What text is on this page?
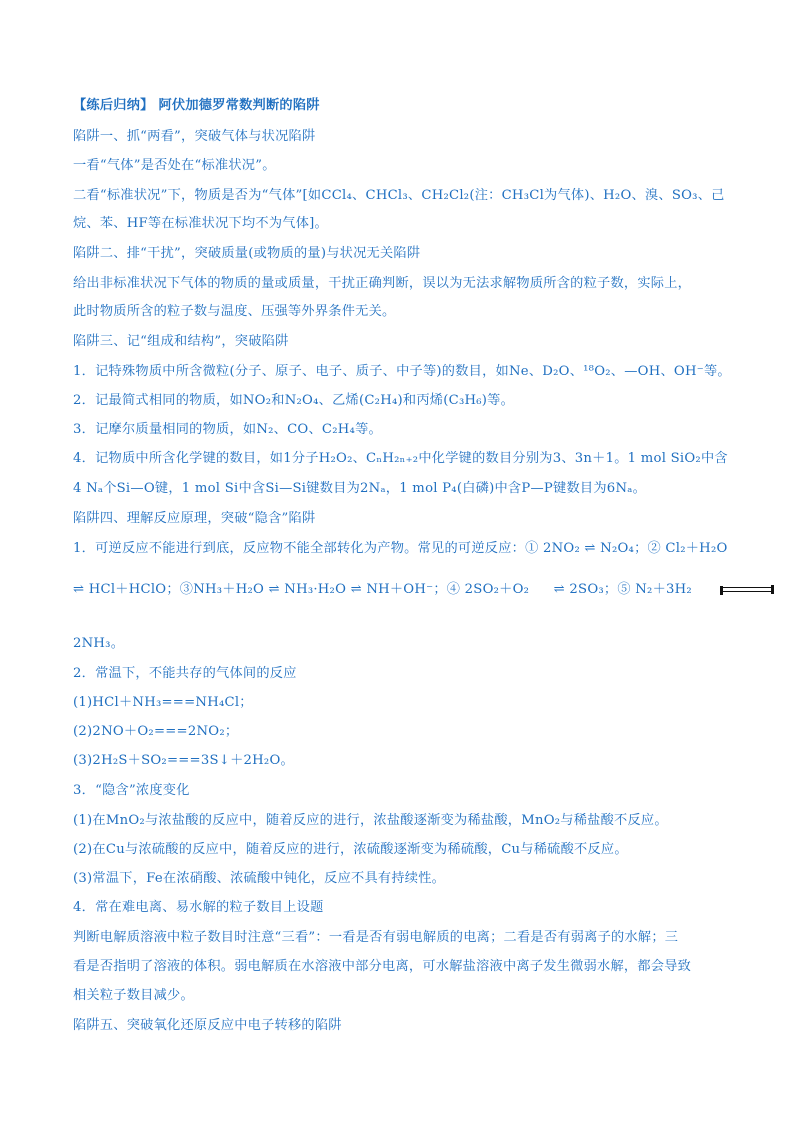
【练后归纳】 阿伏加德罗常数判断的陷阱
陷阱一、抓“两看”，突破气体与状况陷阱
一看“气体”是否处在“标准状况”。
二看“标准状况”下，物质是否为“气体”[如CCl₄、CHCl₃、CH₂Cl₂(注：CH₃Cl为气体)、H₂O、溴、SO₃、己
烷、苯、HF等在标准状况下均不为气体]。
陷阱二、排“干扰”，突破质量(或物质的量)与状况无关陷阱
给出非标准状况下气体的物质的量或质量，干扰正确判断，误以为无法求解物质所含的粒子数，实际上，
此时物质所含的粒子数与温度、压强等外界条件无关。
陷阱三、记“组成和结构”，突破陷阱
1．记特殊物质中所含微粒(分子、原子、电子、质子、中子等)的数目，如Ne、D₂O、¹⁸O₂、—OH、OH⁻等。
2．记最简式相同的物质，如NO₂和N₂O₄、乙烯(C₂H₄)和丙烯(C₃H₆)等。
3．记摩尔质量相同的物质，如N₂、CO、C₂H₄等。
4．记物质中所含化学键的数目，如1分子H₂O₂、CₙH₂ₙ₊₂中化学键的数目分别为3、3n＋1。1 mol SiO₂中含
4 Nₐ个Si—O键，1 mol Si中含Si—Si键数目为2Nₐ，1 mol P₄(白磷)中含P—P键数目为6Nₐ。
陷阱四、理解反应原理，突破“隐含”陷阱
1．可逆反应不能进行到底，反应物不能全部转化为产物。常见的可逆反应：① 2NO₂ ⇌ N₂O₄；② Cl₂＋H₂O
⇌ HCl＋HClO；③NH₃＋H₂O ⇌ NH₃·H₂O ⇌ NH＋OH⁻；④ 2SO₂＋O₂ ⇌ 2SO₃；⑤ N₂＋3H₂
2NH₃。
2．常温下，不能共存的气体间的反应
(1)HCl＋NH₃===NH₄Cl；
(2)2NO＋O₂===2NO₂；
(3)2H₂S＋SO₂===3S↓＋2H₂O。
3．“隐含”浓度变化
(1)在MnO₂与浓盐酸的反应中，随着反应的进行，浓盐酸逐渐变为稀盐酸，MnO₂与稀盐酸不反应。
(2)在Cu与浓硫酸的反应中，随着反应的进行，浓硫酸逐渐变为稀硫酸，Cu与稀硫酸不反应。
(3)常温下，Fe在浓硝酸、浓硫酸中钝化，反应不具有持续性。
4．常在难电离、易水解的粒子数目上设题
判断电解质溶液中粒子数目时注意“三看”：一看是否有弱电解质的电离；二看是否有弱离子的水解；三
看是否指明了溶液的体积。弱电解质在水溶液中部分电离，可水解盐溶液中离子发生微弱水解，都会导致
相关粒子数目减少。
陷阱五、突破氧化还原反应中电子转移的陷阱
